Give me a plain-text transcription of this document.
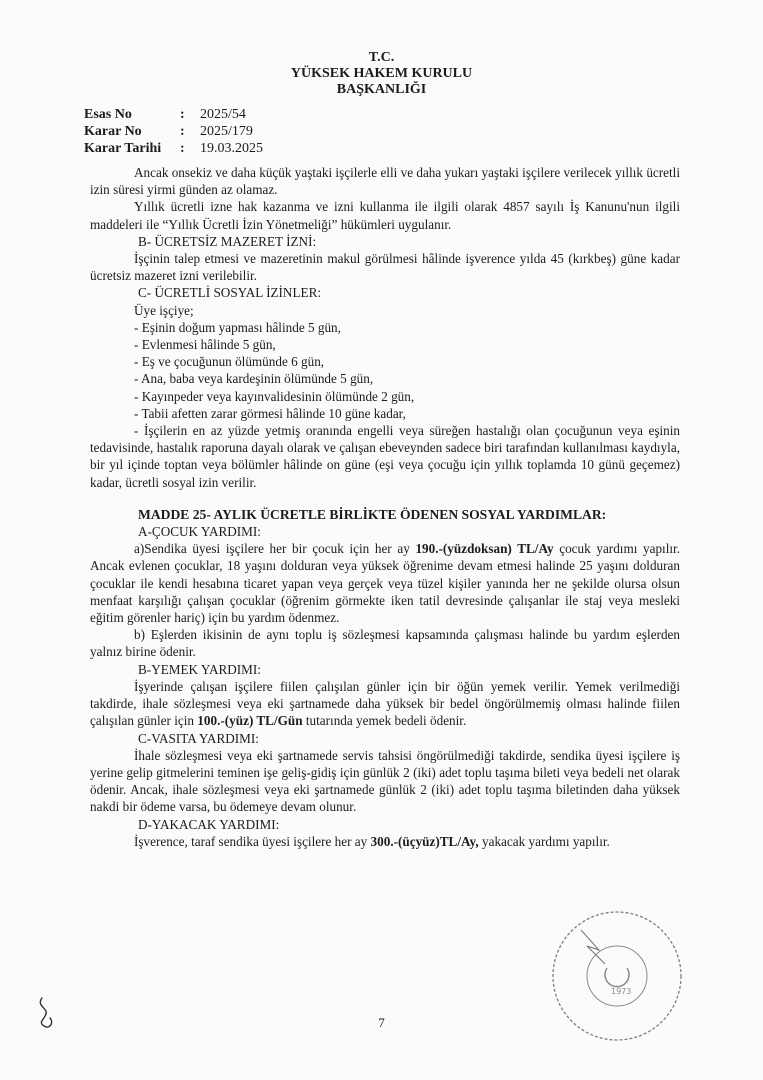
T.C.
YÜKSEK HAKEM KURULU
BAŞKANLIĞI
Esas No	:	2025/54
Karar No	:	2025/179
Karar Tarihi	:	19.03.2025

Ancak onsekiz ve daha küçük yaştaki işçilerle elli ve daha yukarı yaştaki işçilere verilecek yıllık ücretli izin süresi yirmi günden az olamaz.

Yıllık ücretli izne hak kazanma ve izni kullanma ile ilgili olarak 4857 sayılı İş Kanunu'nun ilgili maddeleri ile “Yıllık Ücretli İzin Yönetmeliği” hükümleri uygulanır.

B- ÜCRETSİZ MAZERET İZNİ:

İşçinin talep etmesi ve mazeretinin makul görülmesi hâlinde işverence yılda 45 (kırkbeş) güne kadar ücretsiz mazeret izni verilebilir.

C- ÜCRETLİ SOSYAL İZİNLER:

Üye işçiye;

- Eşinin doğum yapması hâlinde 5 gün,

- Evlenmesi hâlinde 5 gün,

- Eş ve çocuğunun ölümünde 6 gün,

- Ana, baba veya kardeşinin ölümünde 5 gün,

- Kayınpeder veya kayınvalidesinin ölümünde 2 gün,

- Tabii afetten zarar görmesi hâlinde 10 güne kadar,

- İşçilerin en az yüzde yetmiş oranında engelli veya süreğen hastalığı olan çocuğunun veya eşinin tedavisinde, hastalık raporuna dayalı olarak ve çalışan ebeveynden sadece biri tarafından kullanılması kaydıyla, bir yıl içinde toptan veya bölümler hâlinde on güne (eşi veya çocuğu için yıllık toplamda 10 günü geçemez) kadar, ücretli sosyal izin verilir.

MADDE 25- AYLIK ÜCRETLE BİRLİKTE ÖDENEN SOSYAL YARDIMLAR:

A-ÇOCUK YARDIMI:

a)Sendika üyesi işçilere her bir çocuk için her ay 190.-(yüzdoksan) TL/Ay çocuk yardımı yapılır. Ancak evlenen çocuklar, 18 yaşını dolduran veya yüksek öğrenime devam etmesi halinde 25 yaşını dolduran çocuklar ile kendi hesabına ticaret yapan veya gerçek veya tüzel kişiler yanında her ne şekilde olursa olsun menfaat karşılığı çalışan çocuklar (öğrenim görmekte iken tatil devresinde çalışanlar ile staj veya mesleki eğitim görenler hariç) için bu yardım ödenmez.

b) Eşlerden ikisinin de aynı toplu iş sözleşmesi kapsamında çalışması halinde bu yardım eşlerden yalnız birine ödenir.

B-YEMEK YARDIMI:

İşyerinde çalışan işçilere fiilen çalışılan günler için bir öğün yemek verilir. Yemek verilmediği takdirde, ihale sözleşmesi veya eki şartnamede daha yüksek bir bedel öngörülmemiş olması halinde fiilen çalışılan günler için 100.-(yüz) TL/Gün tutarında yemek bedeli ödenir.

C-VASITA YARDIMI:

İhale sözleşmesi veya eki şartnamede servis tahsisi öngörülmediği takdirde, sendika üyesi işçilere iş yerine gelip gitmelerini teminen işe geliş-gidiş için günlük 2 (iki) adet toplu taşıma bileti veya bedeli net olarak ödenir. Ancak, ihale sözleşmesi veya eki şartnamede günlük 2 (iki) adet toplu taşıma biletinden daha yüksek nakdi bir ödeme varsa, bu ödemeye devam olunur.

D-YAKACAK YARDIMI:

İşverence, taraf sendika üyesi işçilere her ay 300.-(üçyüz)TL/Ay, yakacak yardımı yapılır.

1973
7
